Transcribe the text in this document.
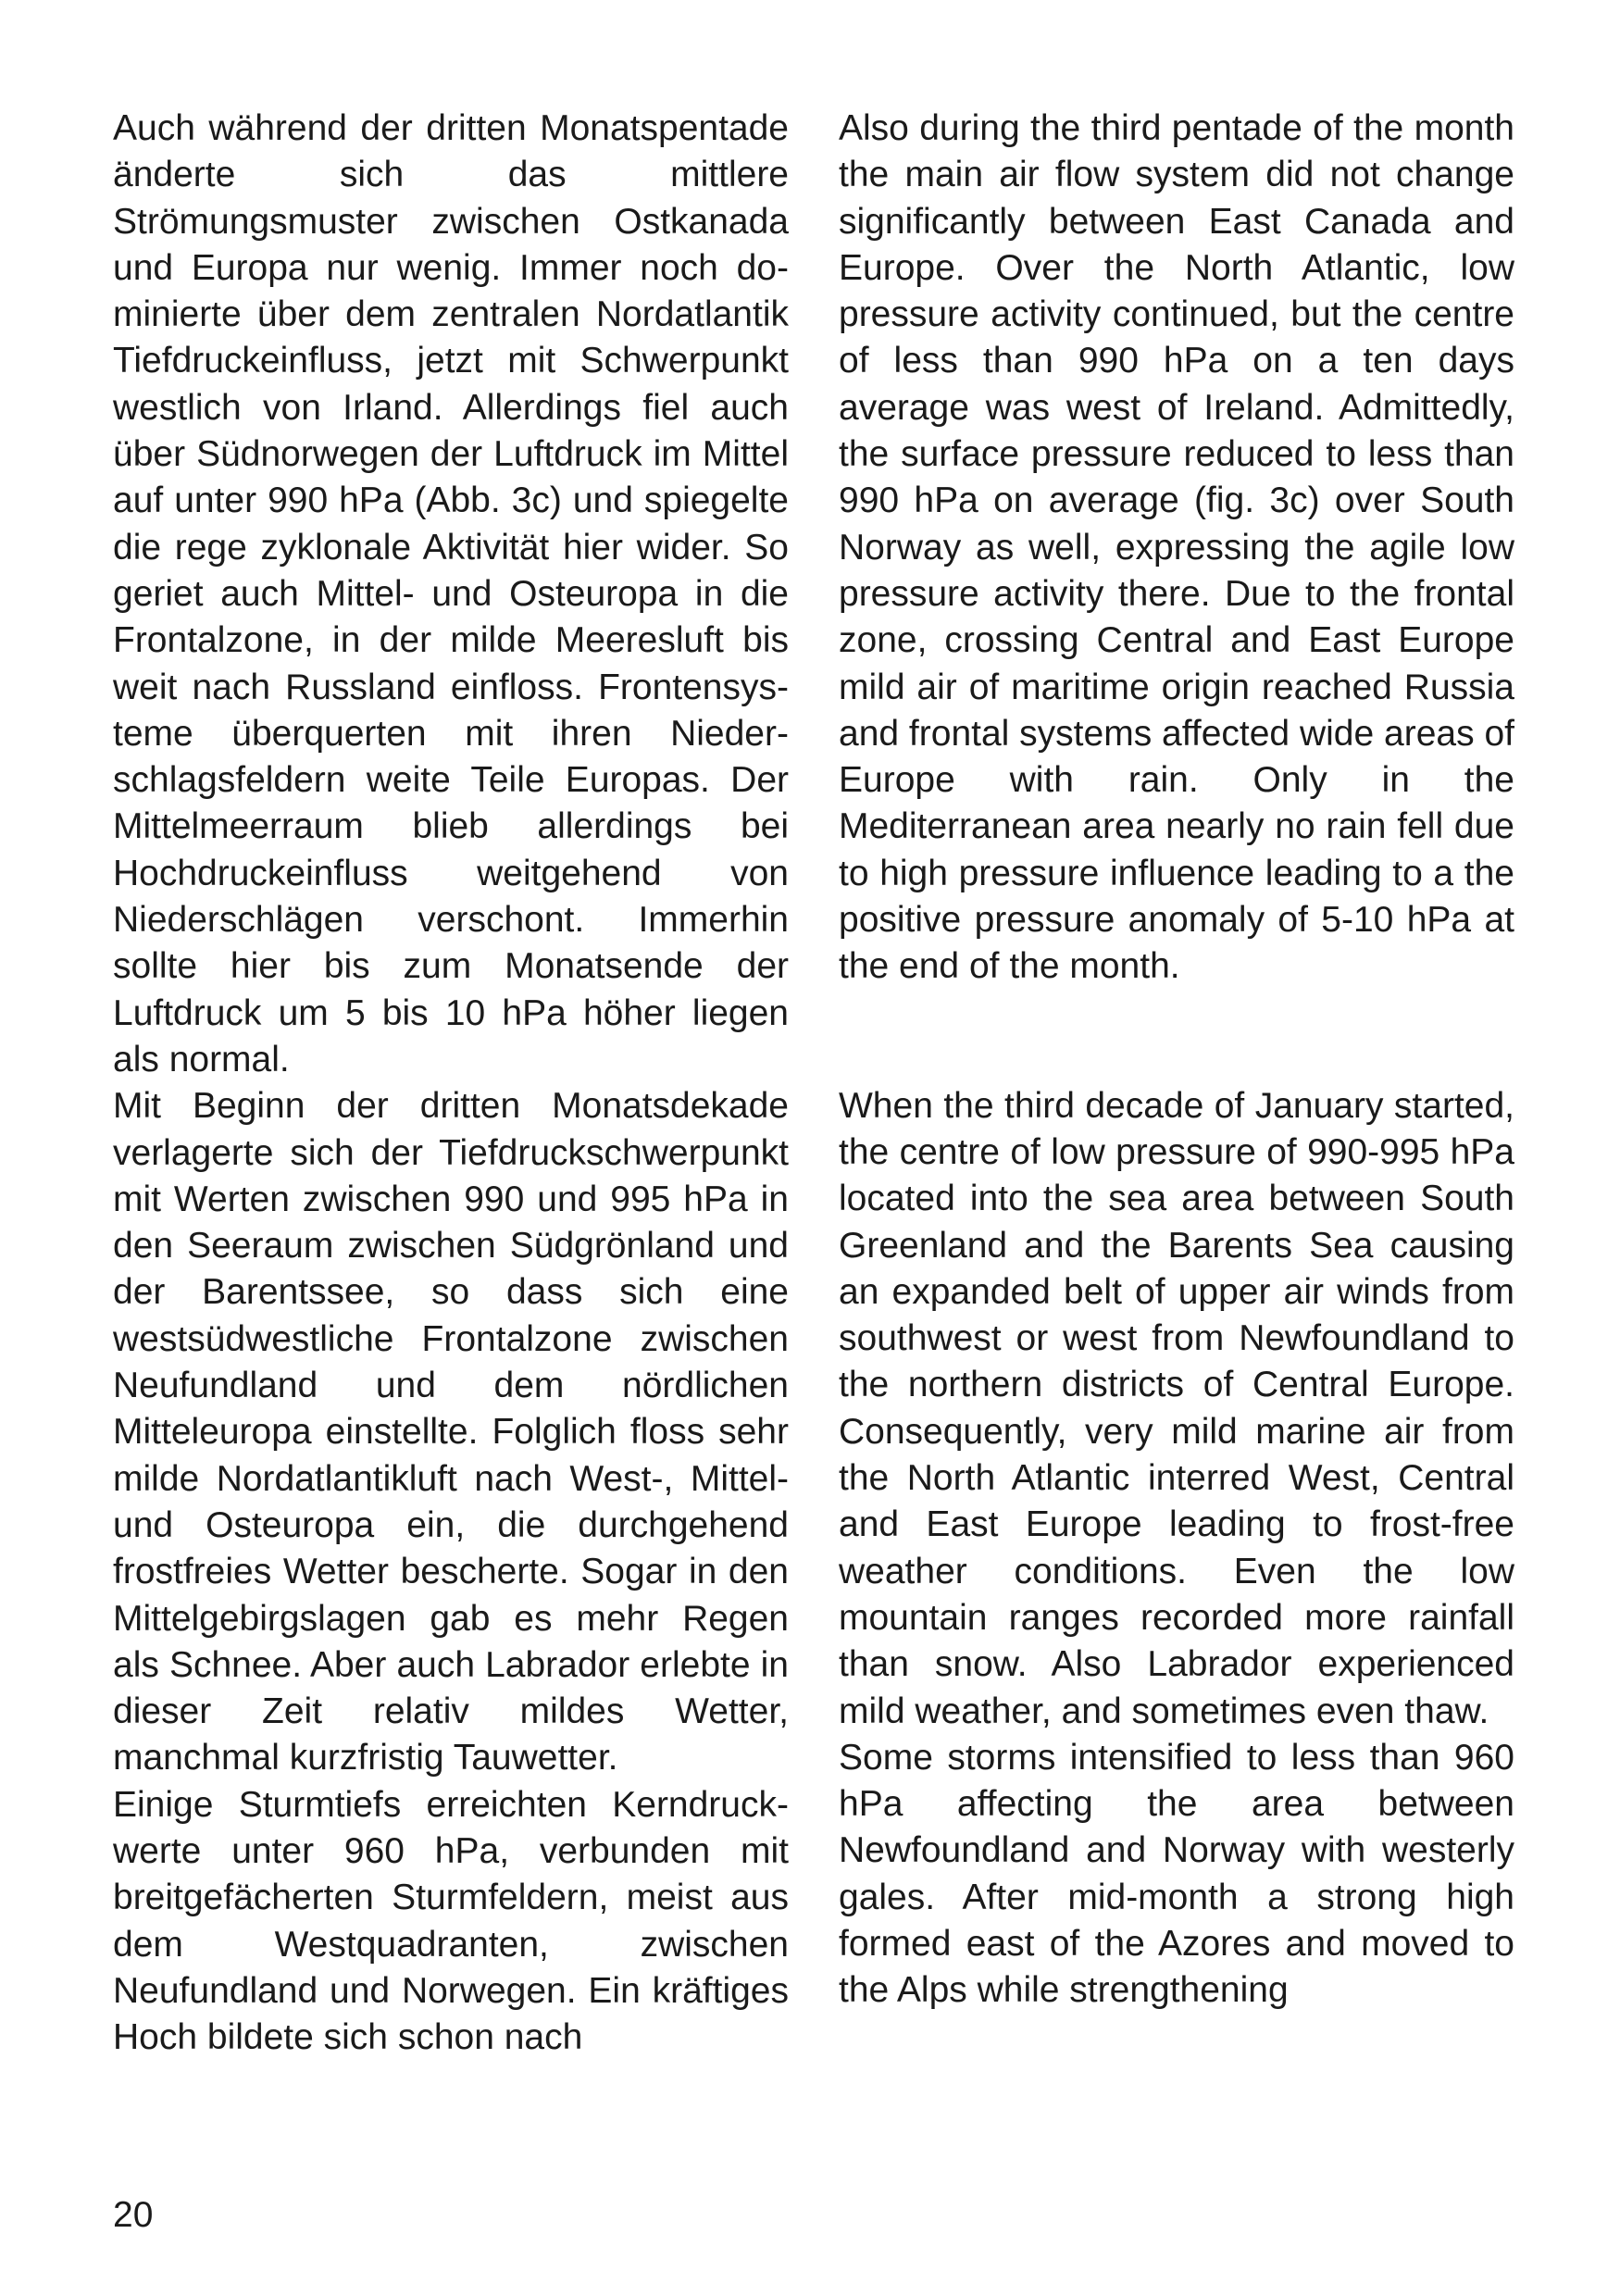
Auch während der dritten Monatspentade änderte sich das mittlere Strömungsmuster zwischen Ostkanada und Europa nur wenig. Immer noch dominierte über dem zentralen Nordatlantik Tiefdruckeinfluss, jetzt mit Schwerpunkt westlich von Irland. Allerdings fiel auch über Südnorwegen der Luftdruck im Mittel auf unter 990 hPa (Abb. 3c) und spiegelte die rege zyklonale Aktivität hier wider. So geriet auch Mittel- und Osteuropa in die Frontalzone, in der milde Meeresluft bis weit nach Russland einfloss. Frontensysteme überquerten mit ihren Niederschlagsfeldern weite Teile Europas. Der Mittelmeerraum blieb allerdings bei Hochdruckeinfluss weitgehend von Niederschlägen verschont. Immerhin sollte hier bis zum Monatsende der Luftdruck um 5 bis 10 hPa höher liegen als normal.

Mit Beginn der dritten Monatsdekade verlagerte sich der Tiefdruckschwerpunkt mit Werten zwischen 990 und 995 hPa in den Seeraum zwischen Südgrönland und der Barentssee, so dass sich eine westsüdwestliche Frontalzone zwischen Neufundland und dem nördlichen Mitteleuropa einstellte. Folglich floss sehr milde Nordatlantikluft nach West-, Mittel- und Osteuropa ein, die durchgehend frostfreies Wetter bescherte. Sogar in den Mittelgebirgslagen gab es mehr Regen als Schnee. Aber auch Labrador erlebte in dieser Zeit relativ mildes Wetter, manchmal kurzfristig Tauwetter.

Einige Sturmtiefs erreichten Kerndruckwerte unter 960 hPa, verbunden mit breitgefächerten Sturmfeldern, meist aus dem Westquadranten, zwischen Neufundland und Norwegen. Ein kräftiges Hoch bildete sich schon nach

Also during the third pentade of the month the main air flow system did not change significantly between East Canada and Europe. Over the North Atlantic, low pressure activity continued, but the centre of less than 990 hPa on a ten days average was west of Ireland. Admittedly, the surface pressure reduced to less than 990 hPa on average (fig. 3c) over South Norway as well, expressing the agile low pressure activity there. Due to the frontal zone, crossing Central and East Europe mild air of maritime origin reached Russia and frontal systems affected wide areas of Europe with rain. Only in the Mediterranean area nearly no rain fell due to high pressure influence leading to a the positive pressure anomaly of 5-10 hPa at the end of the month.

When the third decade of January started, the centre of low pressure of 990-995 hPa located into the sea area between South Greenland and the Barents Sea causing an expanded belt of upper air winds from southwest or west from Newfoundland to the northern districts of Central Europe. Consequently, very mild marine air from the North Atlantic interred West, Central and East Europe leading to frost-free weather conditions. Even the low mountain ranges recorded more rainfall than snow. Also Labrador experienced mild weather, and sometimes even thaw.

Some storms intensified to less than 960 hPa affecting the area between Newfoundland and Norway with westerly gales. After mid-month a strong high formed east of the Azores and moved to the Alps while strengthening

20
